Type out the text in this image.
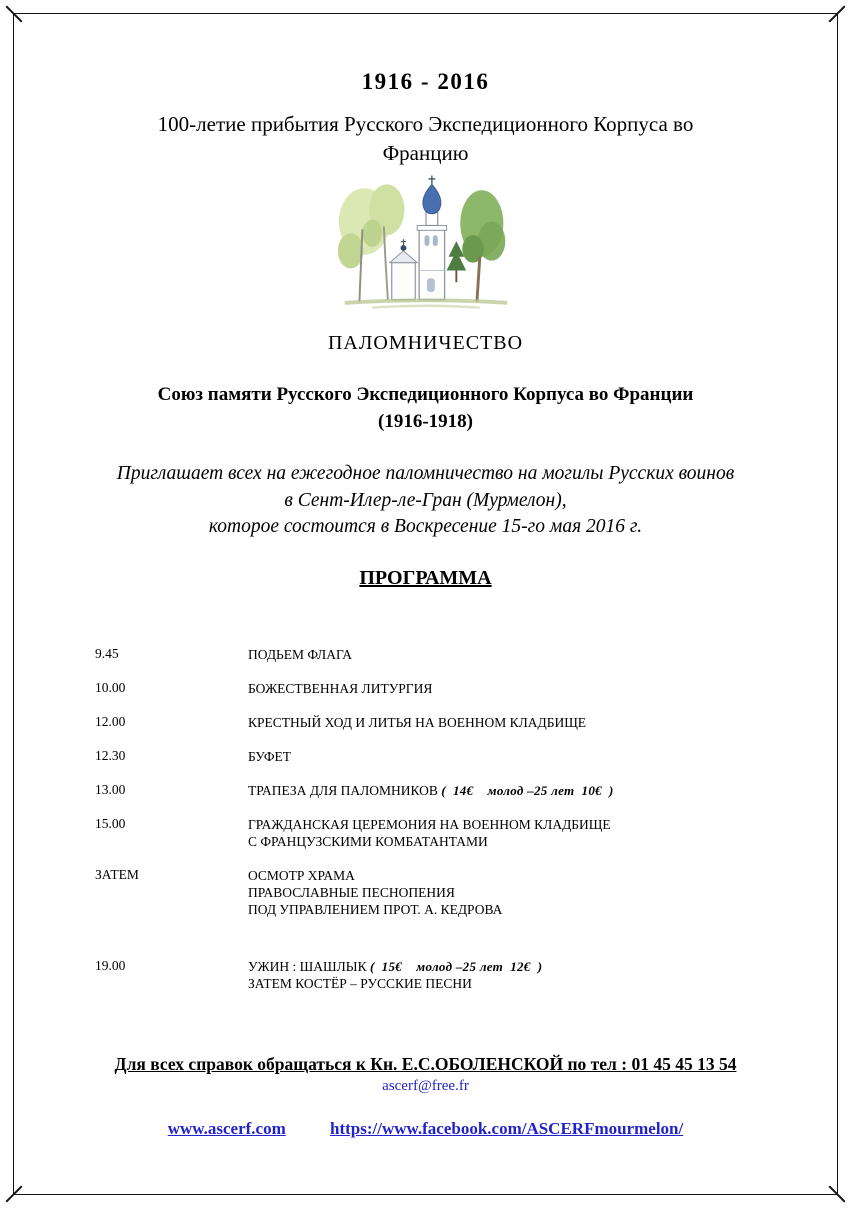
1916 - 2016
100-летие прибытия Русского Экспедиционного Корпуса во
Францию
ПАЛОМНИЧЕСТВО
Союз памяти Русского Экспедиционного Корпуса во Франции
(1916-1918)
Приглашает всех на ежегодное паломничество на могилы Русских воинов
в Сент-Илер-ле-Гран (Мурмелон),
которое состоится в Воскресение 15-го мая 2016 г.
ПРОГРАММА
9.45	ПОДЬЕМ ФЛАГА
10.00	БОЖЕСТВЕННАЯ ЛИТУРГИЯ
12.00	КРЕСТНЫЙ ХОД И ЛИТЬЯ НА ВОЕННОМ КЛАДБИЩЕ
12.30	БУФЕТ
13.00	ТРАПЕЗА ДЛЯ ПАЛОМНИКОВ (  14€    молод –25 лет  10€  )
15.00	ГРАЖДАНСКАЯ ЦЕРЕМОНИЯ НА ВОЕННОМ КЛАДБИЩЕ
С ФРАНЦУЗСКИМИ КОМБАТАНТАМИ
ЗАТЕМ	ОСМОТР ХРАМА
ПРАВОСЛАВНЫЕ ПЕСНОПЕНИЯ
ПОД УПРАВЛЕНИЕМ ПРОТ. А. КЕДРОВА
19.00	УЖИН : ШАШЛЫК (  15€    молод –25 лет  12€  )
ЗАТЕМ КОСТЁР – РУССКИЕ ПЕСНИ
Для всех справок обращаться к Кн. Е.С.ОБОЛЕНСКОЙ по тел : 01 45 45 13 54
ascerf@free.fr
www.ascerf.com	https://www.facebook.com/ASCERFmourmelon/
